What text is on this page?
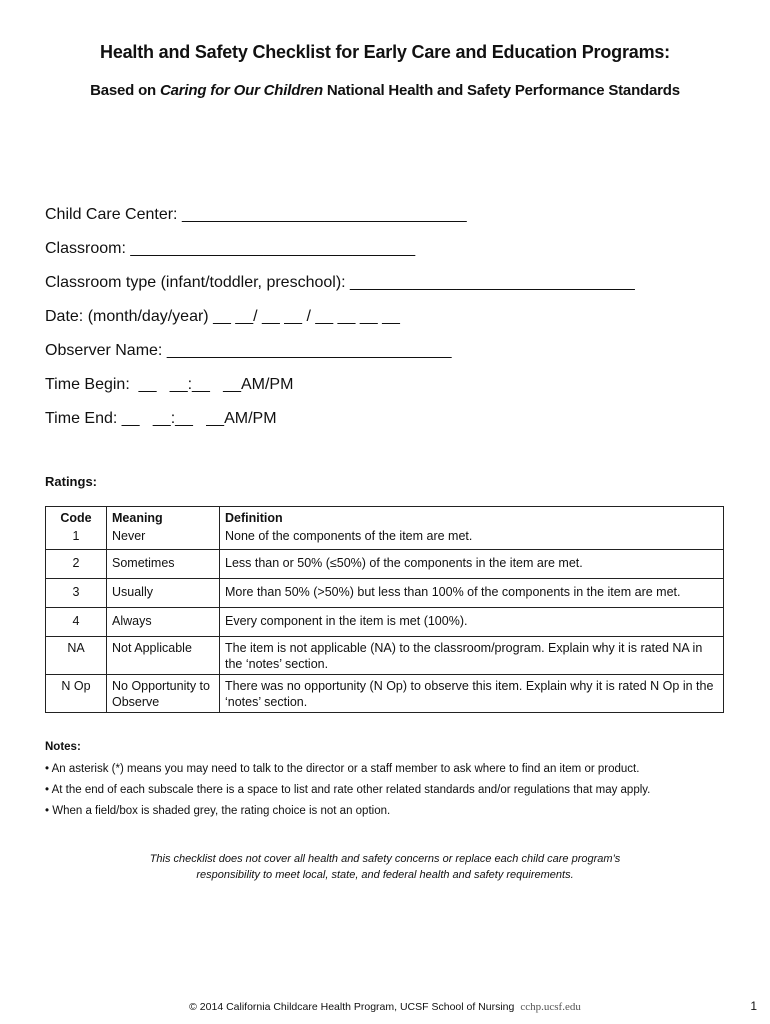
Health and Safety Checklist for Early Care and Education Programs:
Based on Caring for Our Children National Health and Safety Performance Standards
Child Care Center: ________________________________
Classroom: ________________________________
Classroom type (infant/toddler, preschool): ________________________________
Date: (month/day/year) __ __/ __ __ / __ __ __ __
Observer Name: ________________________________
Time Begin:  __   __:__   __AM/PM
Time End: __   __:__   __AM/PM
Ratings:
Code	Meaning	Definition
1	Never	None of the components of the item are met.
2	Sometimes	Less than or 50% (≤50%) of the components in the item are met.
3	Usually	More than 50% (>50%) but less than 100% of the components in the item are met.
4	Always	Every component in the item is met (100%).
NA	Not Applicable	The item is not applicable (NA) to the classroom/program. Explain why it is rated NA in the ‘notes’ section.
N Op	No Opportunity to Observe	There was no opportunity (N Op) to observe this item. Explain why it is rated N Op in the ‘notes’ section.
Notes:
• An asterisk (*) means you may need to talk to the director or a staff member to ask where to find an item or product.
• At the end of each subscale there is a space to list and rate other related standards and/or regulations that may apply.
• When a field/box is shaded grey, the rating choice is not an option.
This checklist does not cover all health and safety concerns or replace each child care program’s
responsibility to meet local, state, and federal health and safety requirements.
© 2014 California Childcare Health Program, UCSF School of Nursing cchp.ucsf.edu	1
